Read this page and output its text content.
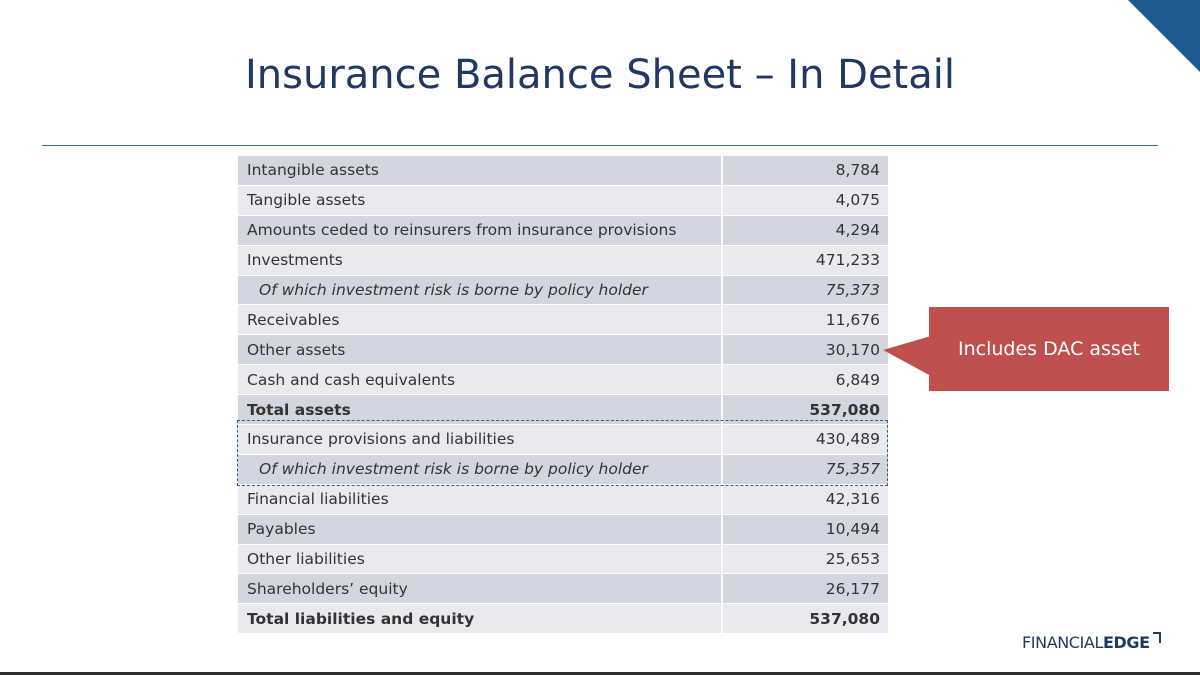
Insurance Balance Sheet – In Detail
Intangible assets	8,784
Tangible assets	4,075
Amounts ceded to reinsurers from insurance provisions	4,294
Investments	471,233
Of which investment risk is borne by policy holder	75,373
Receivables	11,676
Other assets	30,170
Cash and cash equivalents	6,849
Total assets	537,080
Insurance provisions and liabilities	430,489
Of which investment risk is borne by policy holder	75,357
Financial liabilities	42,316
Payables	10,494
Other liabilities	25,653
Shareholders’ equity	26,177
Total liabilities and equity	537,080
Includes DAC asset
FINANCIAL EDGE
